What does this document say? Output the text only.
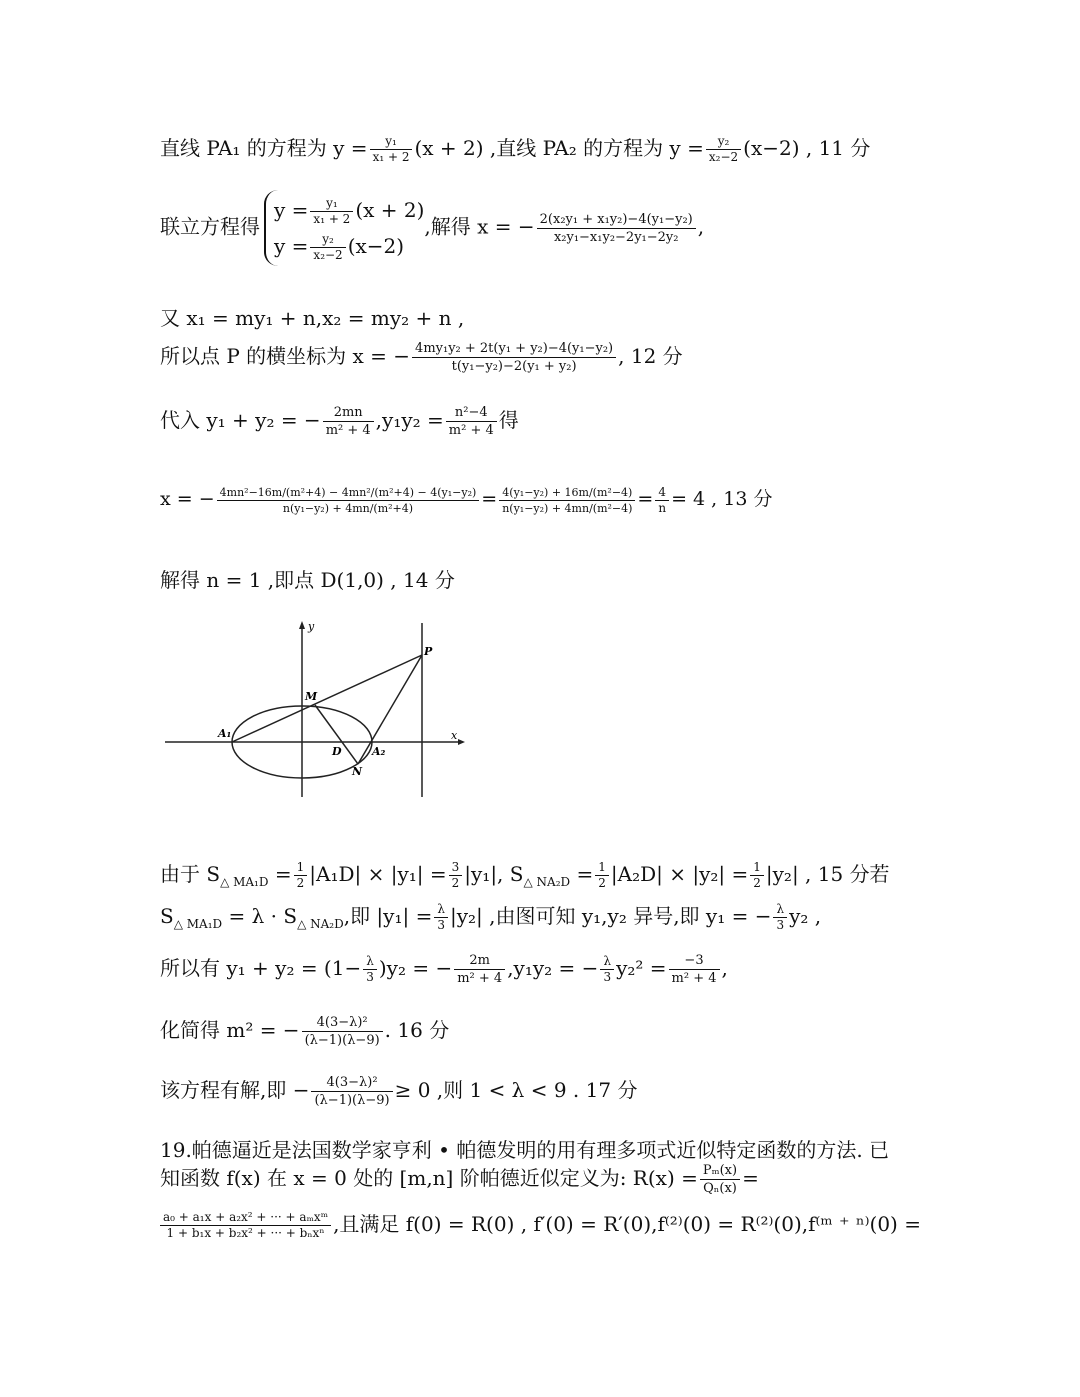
直线 PA₁ 的方程为 $y = \frac{\text{y₁}}{\text{x₁ + 2}} (x + 2)$ ,直线 PA₂ 的方程为 $y = \frac{\text{y₂}}{\text{x₂−2}} (x-2)$ , 11 分
联立方程得
$y = \frac{\text{y₁}}{\text{x₁ + 2}} (x + 2)$
$y = \frac{\text{y₂}}{\text{x₂−2}} (x-2)$
,解得 x = − $\frac{\text{2(x₂y₁ + x₁y₂)−4(y₁−y₂)}}{\text{x₂y₁−x₁y₂−2y₁−2y₂}}$ ,
又 x₁ = my₁ + n,x₂ = my₂ + n ,
所以点 P 的横坐标为 x = − $\frac{\text{4my₁y₂ + 2t(y₁ + y₂)−4(y₁−y₂)}}{\text{t(y₁−y₂)−2(y₁ + y₂)}}$ , 12 分
代入 y₁ + y₂ = − $\frac{2mn}{\text{m² + 4}} ,y_1y_2 = \frac{\text{n²−4}}{\text{m² + 4}}$ 得
x = − $\frac{\text{4mn²−16m/(m²+4) − 4mn²/(m²+4) − 4(y₁−y₂)}}{\text{n(y₁−y₂) + 4mn/(m²+4)}} = \frac{\text{4(y₁−y₂) + 16m/(m²−4)}}{\text{n(y₁−y₂) + 4mn/(m²−4)}} = \frac{4}{n} = 4$ , 13 分
解得 n = 1 ,即点 D(1,0) , 14 分
x
y
P
M
A₁
A₂
D
N
由于 $S_{\triangle MA_1D} = \frac{1}{2} |A_1D| \times |y_1| = \frac{3}{2} |y_1|$, $S_{\triangle NA_2D} = \frac{1}{2} |A_2D| \times |y_2| = \frac{1}{2} |y_2|$ , 15 分若
$S_{\triangle MA_1D} = \lambda \cdot S_{\triangle NA_2D}$,即 $|y_1| = \frac{\lambda}{3} |y_2|$ ,由图可知 y₁,y₂ 异号,即 y₁ = − $\frac{\lambda}{3} y_2$ ,
所以有 $y_1 + y_2 = (1- \frac{\lambda}{3} )y_2$ = − $\frac{2m}{\text{m² + 4}} ,y_1y_2$ = − $\frac{\lambda}{3} y_2^2 = \frac{-3}{\text{m² + 4}}$ ,
化简得 m² = − $\frac{\text{4(3−λ)²}}{(\lambda-1)(\lambda-9)}$ . 16 分
该方程有解,即 − $\frac{\text{4(3−λ)²}}{(\lambda-1)(\lambda-9)} \ge 0$ ,则 1 < λ < 9 . 17 分
19.帕德逼近是法国数学家亨利 • 帕德发明的用有理多项式近似特定函数的方法. 已
知函数 f(x) 在 x = 0 处的 [m,n] 阶帕德近似定义为: $R(x) = \frac{\text{Pₘ(x)}}{\text{Qₙ(x)}}$ =
$\frac{\text{a₀ + a₁x + a₂x² + ··· + aₘxᵐ}}{\text{1 + b₁x + b₂x² + ··· + bₙxⁿ}}$ ,且满足 f(0) = R(0) , f′(0) = R′(0),f⁽²⁾(0) = R⁽²⁾(0),f⁽ᵐ ⁺ ⁿ⁾(0) =
